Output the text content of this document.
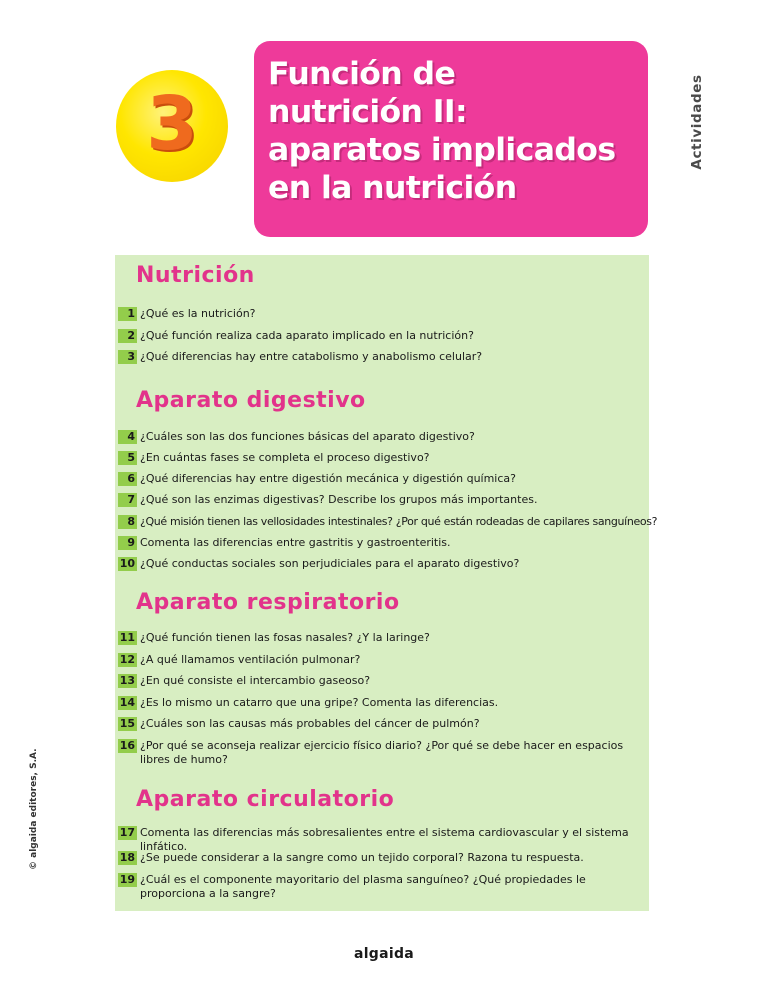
3
Función de
nutrición II:
aparatos implicados
en la nutrición
Actividades
Nutrición
1 ¿Qué es la nutrición?
2 ¿Qué función realiza cada aparato implicado en la nutrición?
3 ¿Qué diferencias hay entre catabolismo y anabolismo celular?
Aparato digestivo
4 ¿Cuáles son las dos funciones básicas del aparato digestivo?
5 ¿En cuántas fases se completa el proceso digestivo?
6 ¿Qué diferencias hay entre digestión mecánica y digestión química?
7 ¿Qué son las enzimas digestivas? Describe los grupos más importantes.
8 ¿Qué misión tienen las vellosidades intestinales? ¿Por qué están rodeadas de capilares sanguíneos?
9 Comenta las diferencias entre gastritis y gastroenteritis.
10 ¿Qué conductas sociales son perjudiciales para el aparato digestivo?
Aparato respiratorio
11 ¿Qué función tienen las fosas nasales? ¿Y la laringe?
12 ¿A qué llamamos ventilación pulmonar?
13 ¿En qué consiste el intercambio gaseoso?
14 ¿Es lo mismo un catarro que una gripe? Comenta las diferencias.
15 ¿Cuáles son las causas más probables del cáncer de pulmón?
16 ¿Por qué se aconseja realizar ejercicio físico diario? ¿Por qué se debe hacer en espacios libres de humo?
Aparato circulatorio
17 Comenta las diferencias más sobresalientes entre el sistema cardiovascular y el sistema linfático.
18 ¿Se puede considerar a la sangre como un tejido corporal? Razona tu respuesta.
19 ¿Cuál es el componente mayoritario del plasma sanguíneo? ¿Qué propiedades le proporciona a la sangre?
© algaida editores, S.A.
algaida
